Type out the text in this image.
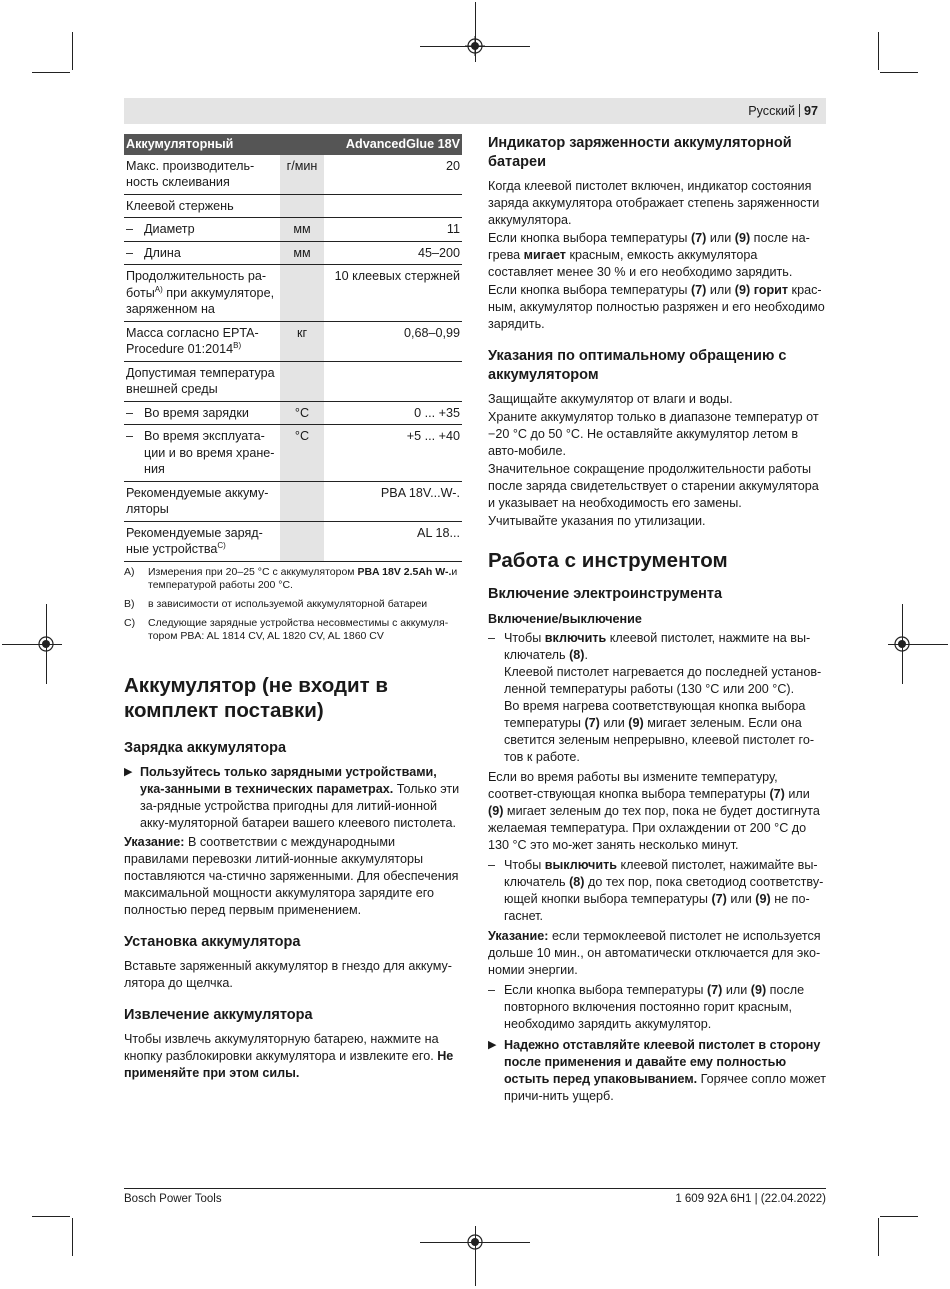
Русский 97
Аккумуляторный		AdvancedGlue 18V
Макс. производитель-ность склеивания	г/мин	20
Клеевой стержень		

– Диаметр	мм	11

– Длина	мм	45–200
Продолжительность ра-боты$^{A)}$ при аккумуляторе, заряженном на		10 клеевых стержней
Масса согласно EPTA-Procedure $01:2014^{B)}$	кг	0,68–0,99
Допустимая температура внешней среды		

– Во время зарядки	°C	0 ... +35

– Во время эксплуата-ции и во время хране-ния	°C	+5 ... +40
Рекомендуемые аккуму-ляторы		PBA 18V...W-.
Рекомендуемые заряд-ные устройства$^{C)}$		AL 18...
A)	Измерения при 20–25 °C с аккумулятором PBA 18V 2.5Ah W-.и температурой работы 200 °C.
B)	в зависимости от используемой аккумуляторной батареи
C)	Следующие зарядные устройства несовместимы с аккумуля-тором PBA: AL 1814 CV, AL 1820 CV, AL 1860 CV
Аккумулятор (не входит в комплект поставки)
Зарядка аккумулятора
▶ Пользуйтесь только зарядными устройствами, ука-занными в технических параметрах. Только эти за-рядные устройства пригодны для литий-ионной акку-муляторной батареи вашего клеевого пистолета.

Указание: В соответствии с международными правилами перевозки литий-ионные аккумуляторы поставляются ча-стично заряженными. Для обеспечения максимальной мощности аккумулятора зарядите его полностью перед первым применением.

Установка аккумулятора

Вставьте заряженный аккумулятор в гнездо для аккуму-лятора до щелчка.

Извлечение аккумулятора

Чтобы извлечь аккумуляторную батарею, нажмите на кнопку разблокировки аккумулятора и извлеките его. Не применяйте при этом силы.

Индикатор заряженности аккумуляторной батареи

Когда клеевой пистолет включен, индикатор состояния заряда аккумулятора отображает степень заряженности аккумулятора.

Если кнопка выбора температуры (7) или (9) после на-грева мигает красным, емкость аккумулятора составляет менее 30 % и его необходимо зарядить.

Если кнопка выбора температуры (7) или (9) горит крас-ным, аккумулятор полностью разряжен и его необходимо зарядить.

Указания по оптимальному обращению с аккумулятором

Защищайте аккумулятор от влаги и воды.

Храните аккумулятор только в диапазоне температур от −20 °C до 50 °C. Не оставляйте аккумулятор летом в авто-мобиле.

Значительное сокращение продолжительности работы после заряда свидетельствует о старении аккумулятора и указывает на необходимость его замены.

Учитывайте указания по утилизации.

Работа с инструментом
Включение электроинструмента
Включение/выключение
– Чтобы включить клеевой пистолет, нажмите на вы-ключатель (8).

Клеевой пистолет нагревается до последней установ-ленной температуры работы (130 °C или 200 °C).

Во время нагрева соответствующая кнопка выбора температуры (7) или (9) мигает зеленым. Если она светится зеленым непрерывно, клеевой пистолет го-тов к работе.

Если во время работы вы измените температуру, соответ-ствующая кнопка выбора температуры (7) или (9) мигает зеленым до тех пор, пока не будет достигнута желаемая температура. При охлаждении от 200 °C до 130 °C это мо-жет занять несколько минут.

– Чтобы выключить клеевой пистолет, нажимайте вы-ключатель (8) до тех пор, пока светодиод соответству-ющей кнопки выбора температуры (7) или (9) не по-гаснет.

Указание: если термоклеевой пистолет не используется дольше 10 мин., он автоматически отключается для эко-номии энергии.

– Если кнопка выбора температуры (7) или (9) после повторного включения постоянно горит красным, необходимо зарядить аккумулятор.

▶ Надежно отставляйте клеевой пистолет в сторону после применения и давайте ему полностью остыть перед упаковыванием. Горячее сопло может причи-нить ущерб.
Bosch Power Tools	1 609 92A 6H1 | (22.04.2022)
